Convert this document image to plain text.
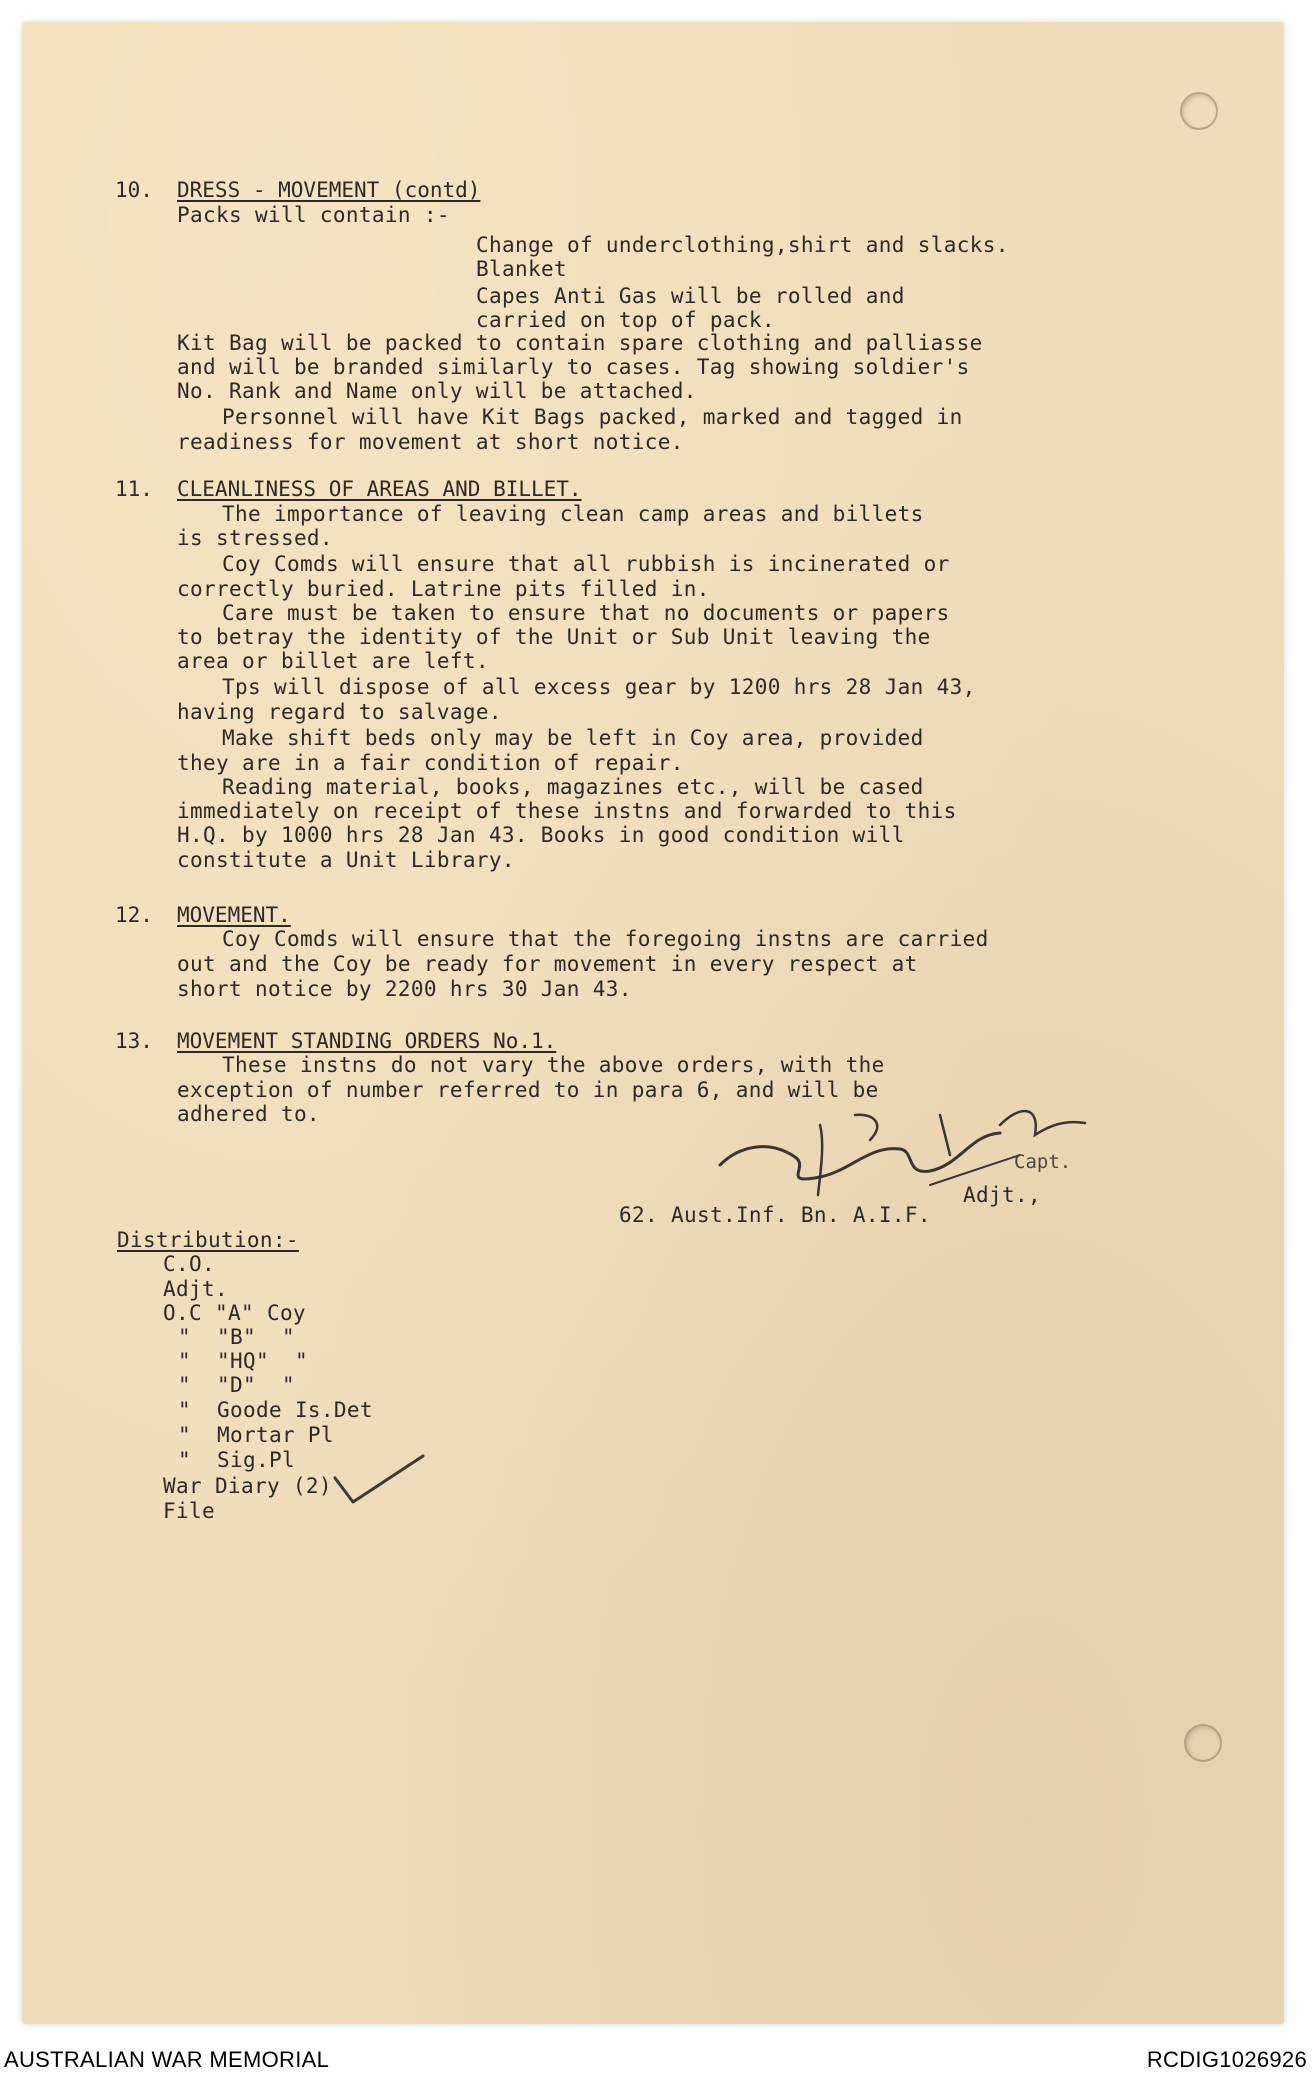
10. DRESS - MOVEMENT (contd)
Packs will contain :-
Change of underclothing,shirt and slacks.
Blanket
Capes Anti Gas will be rolled and
carried on top of pack.
Kit Bag will be packed to contain spare clothing and palliasse
and will be branded similarly to cases. Tag showing soldier's
No. Rank and Name only will be attached.
Personnel will have Kit Bags packed, marked and tagged in
readiness for movement at short notice.
11. CLEANLINESS OF AREAS AND BILLET.
The importance of leaving clean camp areas and billets
is stressed.
Coy Comds will ensure that all rubbish is incinerated or
correctly buried. Latrine pits filled in.
Care must be taken to ensure that no documents or papers
to betray the identity of the Unit or Sub Unit leaving the
area or billet are left.
Tps will dispose of all excess gear by 1200 hrs 28 Jan 43,
having regard to salvage.
Make shift beds only may be left in Coy area, provided
they are in a fair condition of repair.
Reading material, books, magazines etc., will be cased
immediately on receipt of these instns and forwarded to this
H.Q. by 1000 hrs 28 Jan 43. Books in good condition will
constitute a Unit Library.
12. MOVEMENT.
Coy Comds will ensure that the foregoing instns are carried
out and the Coy be ready for movement in every respect at
short notice by 2200 hrs 30 Jan 43.
13. MOVEMENT STANDING ORDERS No.1.
These instns do not vary the above orders, with the
exception of number referred to in para 6, and will be
adhered to.
Capt.
Adjt.,
62. Aust.Inf. Bn. A.I.F.
Distribution:-
C.O.
Adjt.
O.C "A" Coy
"  "B"  "
"  "HQ"  "
"  "D"  "
"  Goode Is.Det
"  Mortar Pl
"  Sig.Pl
War Diary (2)
File
AUSTRALIAN WAR MEMORIAL	RCDIG1026926
